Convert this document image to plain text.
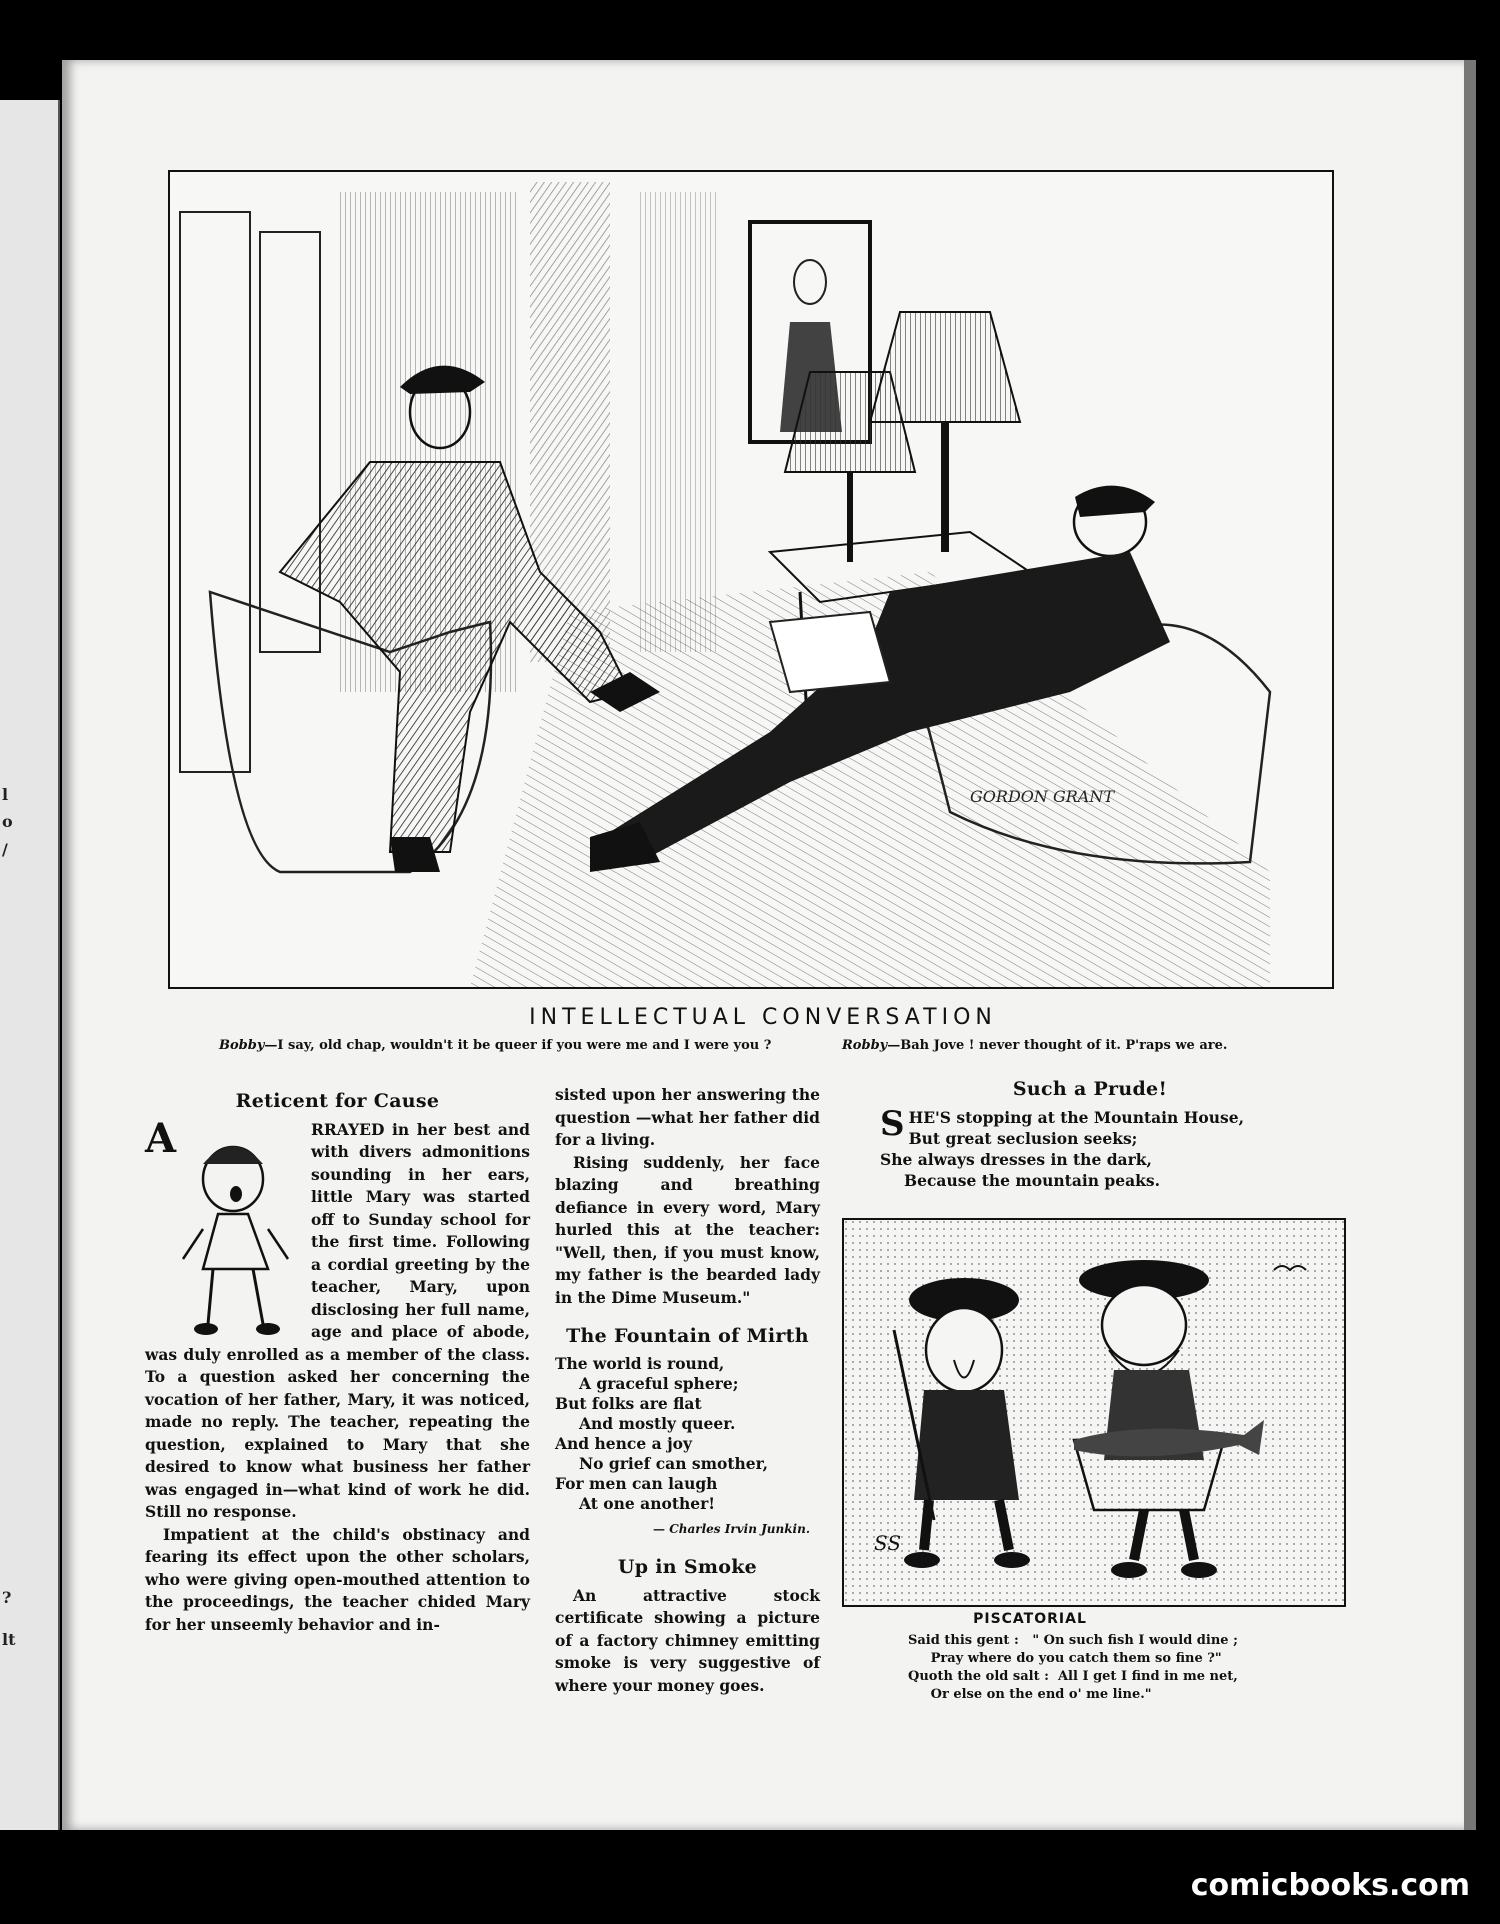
l
o
/
?
lt
GORDON GRANT
INTELLECTUAL CONVERSATION
Bobby—I say, old chap, wouldn't it be queer if you were me and I were you ?	Robby—Bah Jove ! never thought of it. P'raps we are.
Reticent for Cause

A	RRAYED in her best and with divers admonitions sounding in her ears, little Mary was started off to Sunday school for the first time. Following a cordial greeting by the teacher, Mary, upon disclosing her full name, age and place of abode, was duly enrolled as a member of the class. To a question asked her concerning the vocation of her father, Mary, it was noticed, made no reply. The teacher, repeating the question, explained to Mary that she desired to know what business her father was engaged in—what kind of work he did. Still no response.

Impatient at the child's obstinacy and fearing its effect upon the other scholars, who were giving open-mouthed attention to the proceedings, the teacher chided Mary for her unseemly behavior and in-

sisted upon her answering the question —what her father did for a living.

Rising suddenly, her face blazing and breathing defiance in every word, Mary hurled this at the teacher: "Well, then, if you must know, my father is the bearded lady in the Dime Museum."

The Fountain of Mirth
The world is round,
A graceful sphere;
But folks are flat
And mostly queer.
And hence a joy
No grief can smother,
For men can laugh
At one another!
— Charles Irvin Junkin.
Up in Smoke

An attractive stock certificate showing a picture of a factory chimney emitting smoke is very suggestive of where your money goes.

Such a Prude!
SHE'S stopping at the Mountain House,
But great seclusion seeks;
She always dresses in the dark,
Because the mountain peaks.
SS
PISCATORIAL
Said this gent :   " On such fish I would dine ;
Pray where do you catch them so fine ?"
Quoth the old salt :  All I get I find in me net,
Or else on the end o' me line."
comicbooks.com
